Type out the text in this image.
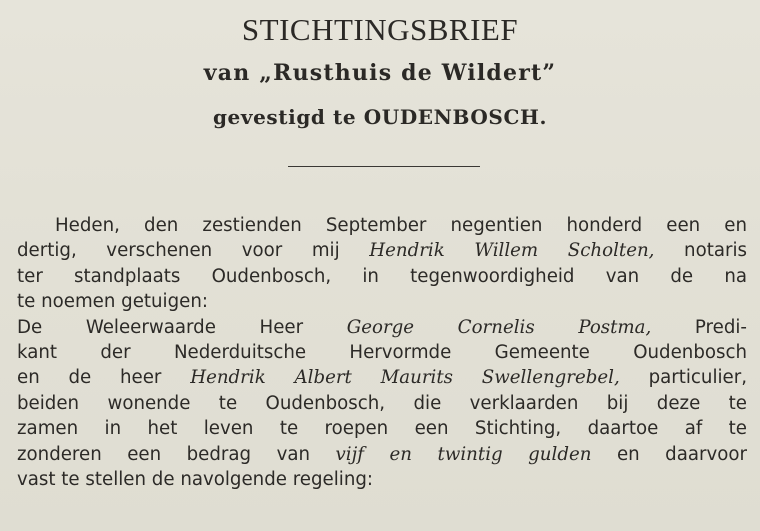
STICHTINGSBRIEF
van „Rusthuis de Wildert”
gevestigd te OUDENBOSCH.
Heden, den zestienden September negentien honderd een en
dertig, verschenen voor mij Hendrik Willem Scholten, notaris
ter standplaats Oudenbosch, in tegenwoordigheid van de na
te noemen getuigen:
De Weleerwaarde Heer George Cornelis Postma, Predi-
kant der Nederduitsche Hervormde Gemeente Oudenbosch
en de heer Hendrik Albert Maurits Swellengrebel, particulier,
beiden wonende te Oudenbosch, die verklaarden bij deze te
zamen in het leven te roepen een Stichting, daartoe af te
zonderen een bedrag van vijf en twintig gulden en daarvoor
vast te stellen de navolgende regeling:
